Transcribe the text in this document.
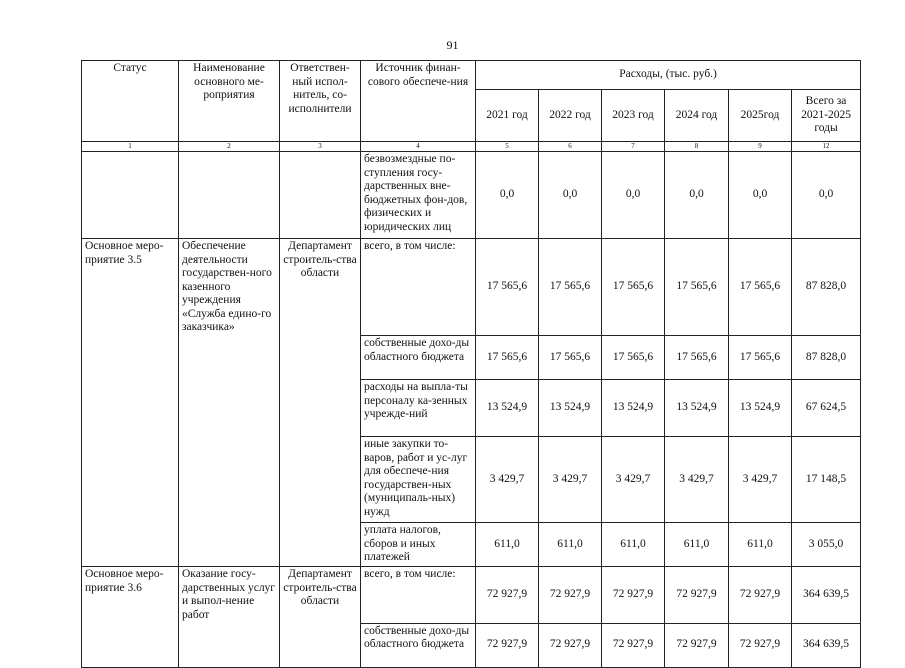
91
Статус	Наименование основного ме-роприятия	Ответствен-ный испол-нитель, со-исполнители	Источник финан-сового обеспече-ния	Расходы, (тыс. руб.)					
				2021 год	2022 год	2023 год	2024 год	2025год	Всего за 2021-2025 годы
1	2	3	4	5	6	7	8	9	12
			безвозмездные по-ступления госу-дарственных вне-бюджетных фон-дов, физических и юридических лиц	0,0	0,0	0,0	0,0	0,0	0,0
Основное меро-приятие 3.5	Обеспечение деятельности государствен-ного казенного учреждения «Служба едино-го заказчика»	Департамент строитель-ства области	всего, в том числе:	17 565,6	17 565,6	17 565,6	17 565,6	17 565,6	87 828,0
			собственные дохо-ды областного бюджета	17 565,6	17 565,6	17 565,6	17 565,6	17 565,6	87 828,0
			расходы на выпла-ты персоналу ка-зенных учрежде-ний	13 524,9	13 524,9	13 524,9	13 524,9	13 524,9	67 624,5
			иные закупки то-варов, работ и ус-луг для обеспече-ния государствен-ных (муниципаль-ных) нужд	3 429,7	3 429,7	3 429,7	3 429,7	3 429,7	17 148,5
			уплата налогов, сборов и иных платежей	611,0	611,0	611,0	611,0	611,0	3 055,0
Основное меро-приятие 3.6	Оказание госу-дарственных услуг и выпол-нение работ	Департамент строитель-ства области	всего, в том числе:	72 927,9	72 927,9	72 927,9	72 927,9	72 927,9	364 639,5
			собственные дохо-ды областного бюджета	72 927,9	72 927,9	72 927,9	72 927,9	72 927,9	364 639,5
